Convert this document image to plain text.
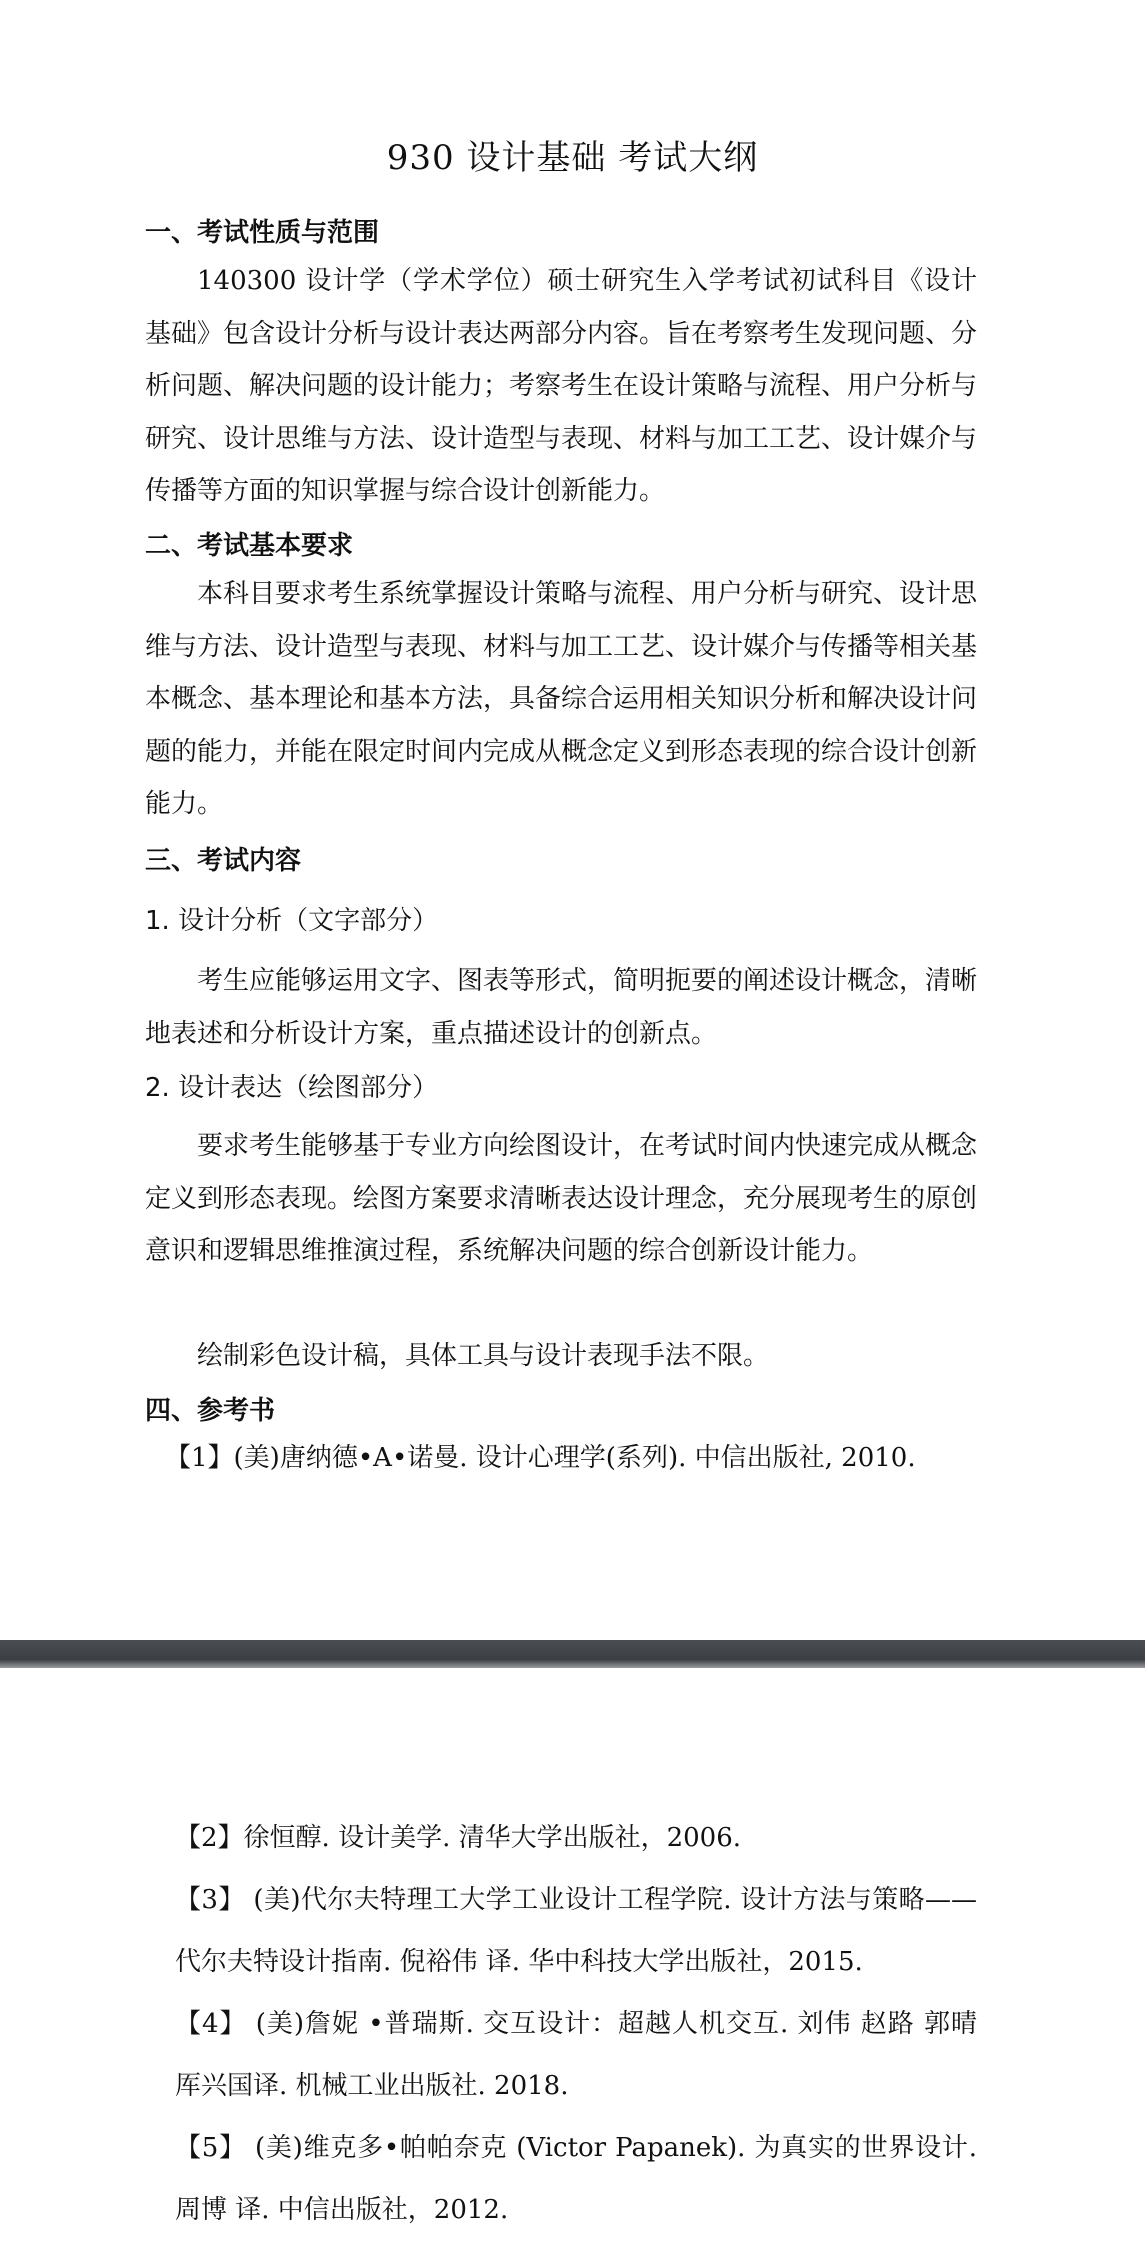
930 设计基础 考试大纲
一、考试性质与范围

140300 设计学（学术学位）硕士研究生入学考试初试科目《设计基础》包含设计分析与设计表达两部分内容。旨在考察考生发现问题、分析问题、解决问题的设计能力；考察考生在设计策略与流程、用户分析与研究、设计思维与方法、设计造型与表现、材料与加工工艺、设计媒介与传播等方面的知识掌握与综合设计创新能力。

二、考试基本要求

本科目要求考生系统掌握设计策略与流程、用户分析与研究、设计思维与方法、设计造型与表现、材料与加工工艺、设计媒介与传播等相关基本概念、基本理论和基本方法，具备综合运用相关知识分析和解决设计问题的能力，并能在限定时间内完成从概念定义到形态表现的综合设计创新能力。

三、考试内容
1. 设计分析（文字部分）

考生应能够运用文字、图表等形式，简明扼要的阐述设计概念，清晰地表述和分析设计方案，重点描述设计的创新点。

2. 设计表达（绘图部分）

要求考生能够基于专业方向绘图设计，在考试时间内快速完成从概念定义到形态表现。绘图方案要求清晰表达设计理念，充分展现考生的原创意识和逻辑思维推演过程，系统解决问题的综合创新设计能力。

绘制彩色设计稿，具体工具与设计表现手法不限。

四、参考书

【1】(美)唐纳德•A•诺曼. 设计心理学(系列). 中信出版社, 2010.

【2】徐恒醇. 设计美学. 清华大学出版社，2006.

【3】 (美)代尔夫特理工大学工业设计工程学院. 设计方法与策略——代尔夫特设计指南. 倪裕伟 译. 华中科技大学出版社，2015.

【4】 (美)詹妮 •普瑞斯. 交互设计：超越人机交互. 刘伟 赵路 郭晴 厍兴国译. 机械工业出版社. 2018.

【5】 (美)维克多•帕帕奈克 (Victor Papanek). 为真实的世界设计. 周博 译. 中信出版社，2012.
